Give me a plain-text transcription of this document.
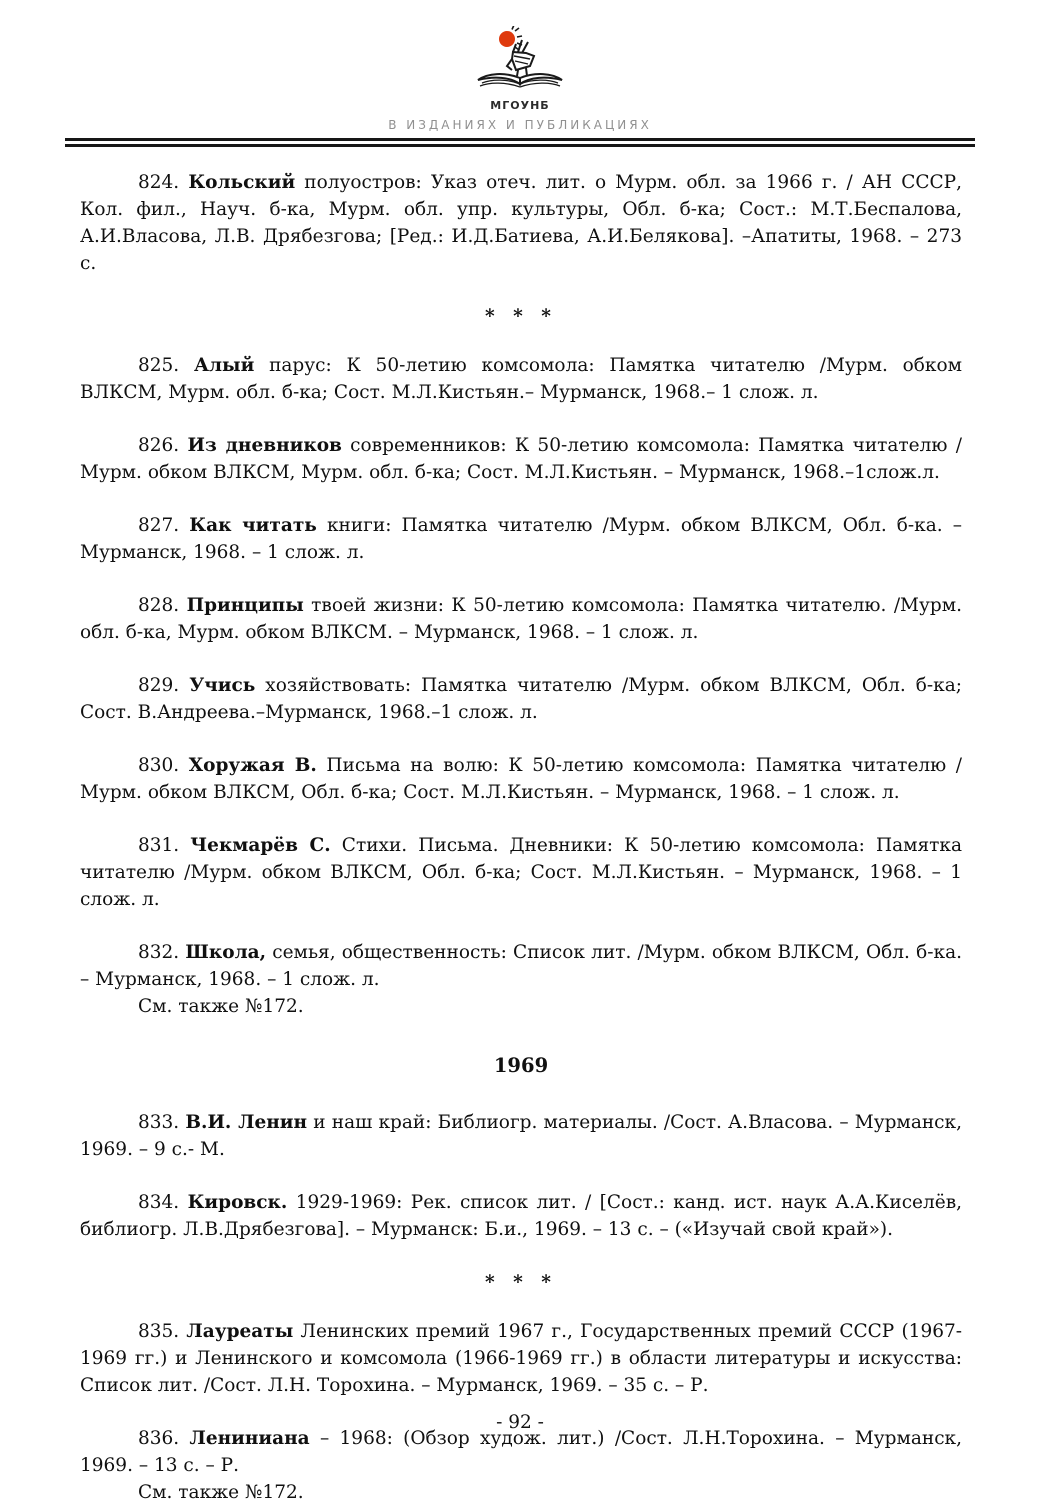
МГОУНБ
В ИЗДАНИЯХ И ПУБЛИКАЦИЯХ

824. Кольский полуостров: Указ отеч. лит. о Мурм. обл. за 1966 г. / АН СССР, Кол. фил., Науч. б-ка, Мурм. обл. упр. культуры, Обл. б-ка; Сост.: М.Т.Беспалова, А.И.Власова, Л.В. Дрябезгова; [Ред.: И.Д.Батиева, А.И.Белякова]. –Апатиты, 1968. – 273 с.

* * *

825. Алый парус: К 50-летию комсомола: Памятка читателю /Мурм. обком ВЛКСМ, Мурм. обл. б-ка; Сост. М.Л.Кистьян.– Мурманск, 1968.– 1 слож. л.

826. Из дневников современников: К 50-летию комсомола: Памятка читателю / Мурм. обком ВЛКСМ, Мурм. обл. б-ка; Сост. М.Л.Кистьян. – Мурманск, 1968.–1слож.л.

827. Как читать книги: Памятка читателю /Мурм. обком ВЛКСМ, Обл. б-ка. – Мурманск, 1968. – 1 слож. л.

828. Принципы твоей жизни: К 50-летию комсомола: Памятка читателю. /Мурм. обл. б-ка, Мурм. обком ВЛКСМ. – Мурманск, 1968. – 1 слож. л.

829. Учись хозяйствовать: Памятка читателю /Мурм. обком ВЛКСМ, Обл. б-ка; Сост. В.Андреева.–Мурманск, 1968.–1 слож. л.

830. Хоружая В. Письма на волю: К 50-летию комсомола: Памятка читателю / Мурм. обком ВЛКСМ, Обл. б-ка; Сост. М.Л.Кистьян. – Мурманск, 1968. – 1 слож. л.

831. Чекмарёв С. Стихи. Письма. Дневники: К 50-летию комсомола: Памятка читателю /Мурм. обком ВЛКСМ, Обл. б-ка; Сост. М.Л.Кистьян. – Мурманск, 1968. – 1 слож. л.

832. Школа, семья, общественность: Список лит. /Мурм. обком ВЛКСМ, Обл. б-ка. – Мурманск, 1968. – 1 слож. л.

См. также №172.

1969

833. В.И. Ленин и наш край: Библиогр. материалы. /Сост. А.Власова. – Мурманск, 1969. – 9 с.- М.

834. Кировск. 1929-1969: Рек. список лит. / [Сост.: канд. ист. наук А.А.Киселёв, библиогр. Л.В.Дрябезгова]. – Мурманск: Б.и., 1969. – 13 с. – («Изучай свой край»).

* * *

835. Лауреаты Ленинских премий 1967 г., Государственных премий СССР (1967-1969 гг.) и Ленинского и комсомола (1966-1969 гг.) в области литературы и искусства: Список лит. /Сост. Л.Н. Торохина. – Мурманск, 1969. – 35 с. – Р.

836. Лениниана – 1968: (Обзор худож. лит.) /Сост. Л.Н.Торохина. – Мурманск, 1969. – 13 с. – Р.

См. также №172.
- 92 -
